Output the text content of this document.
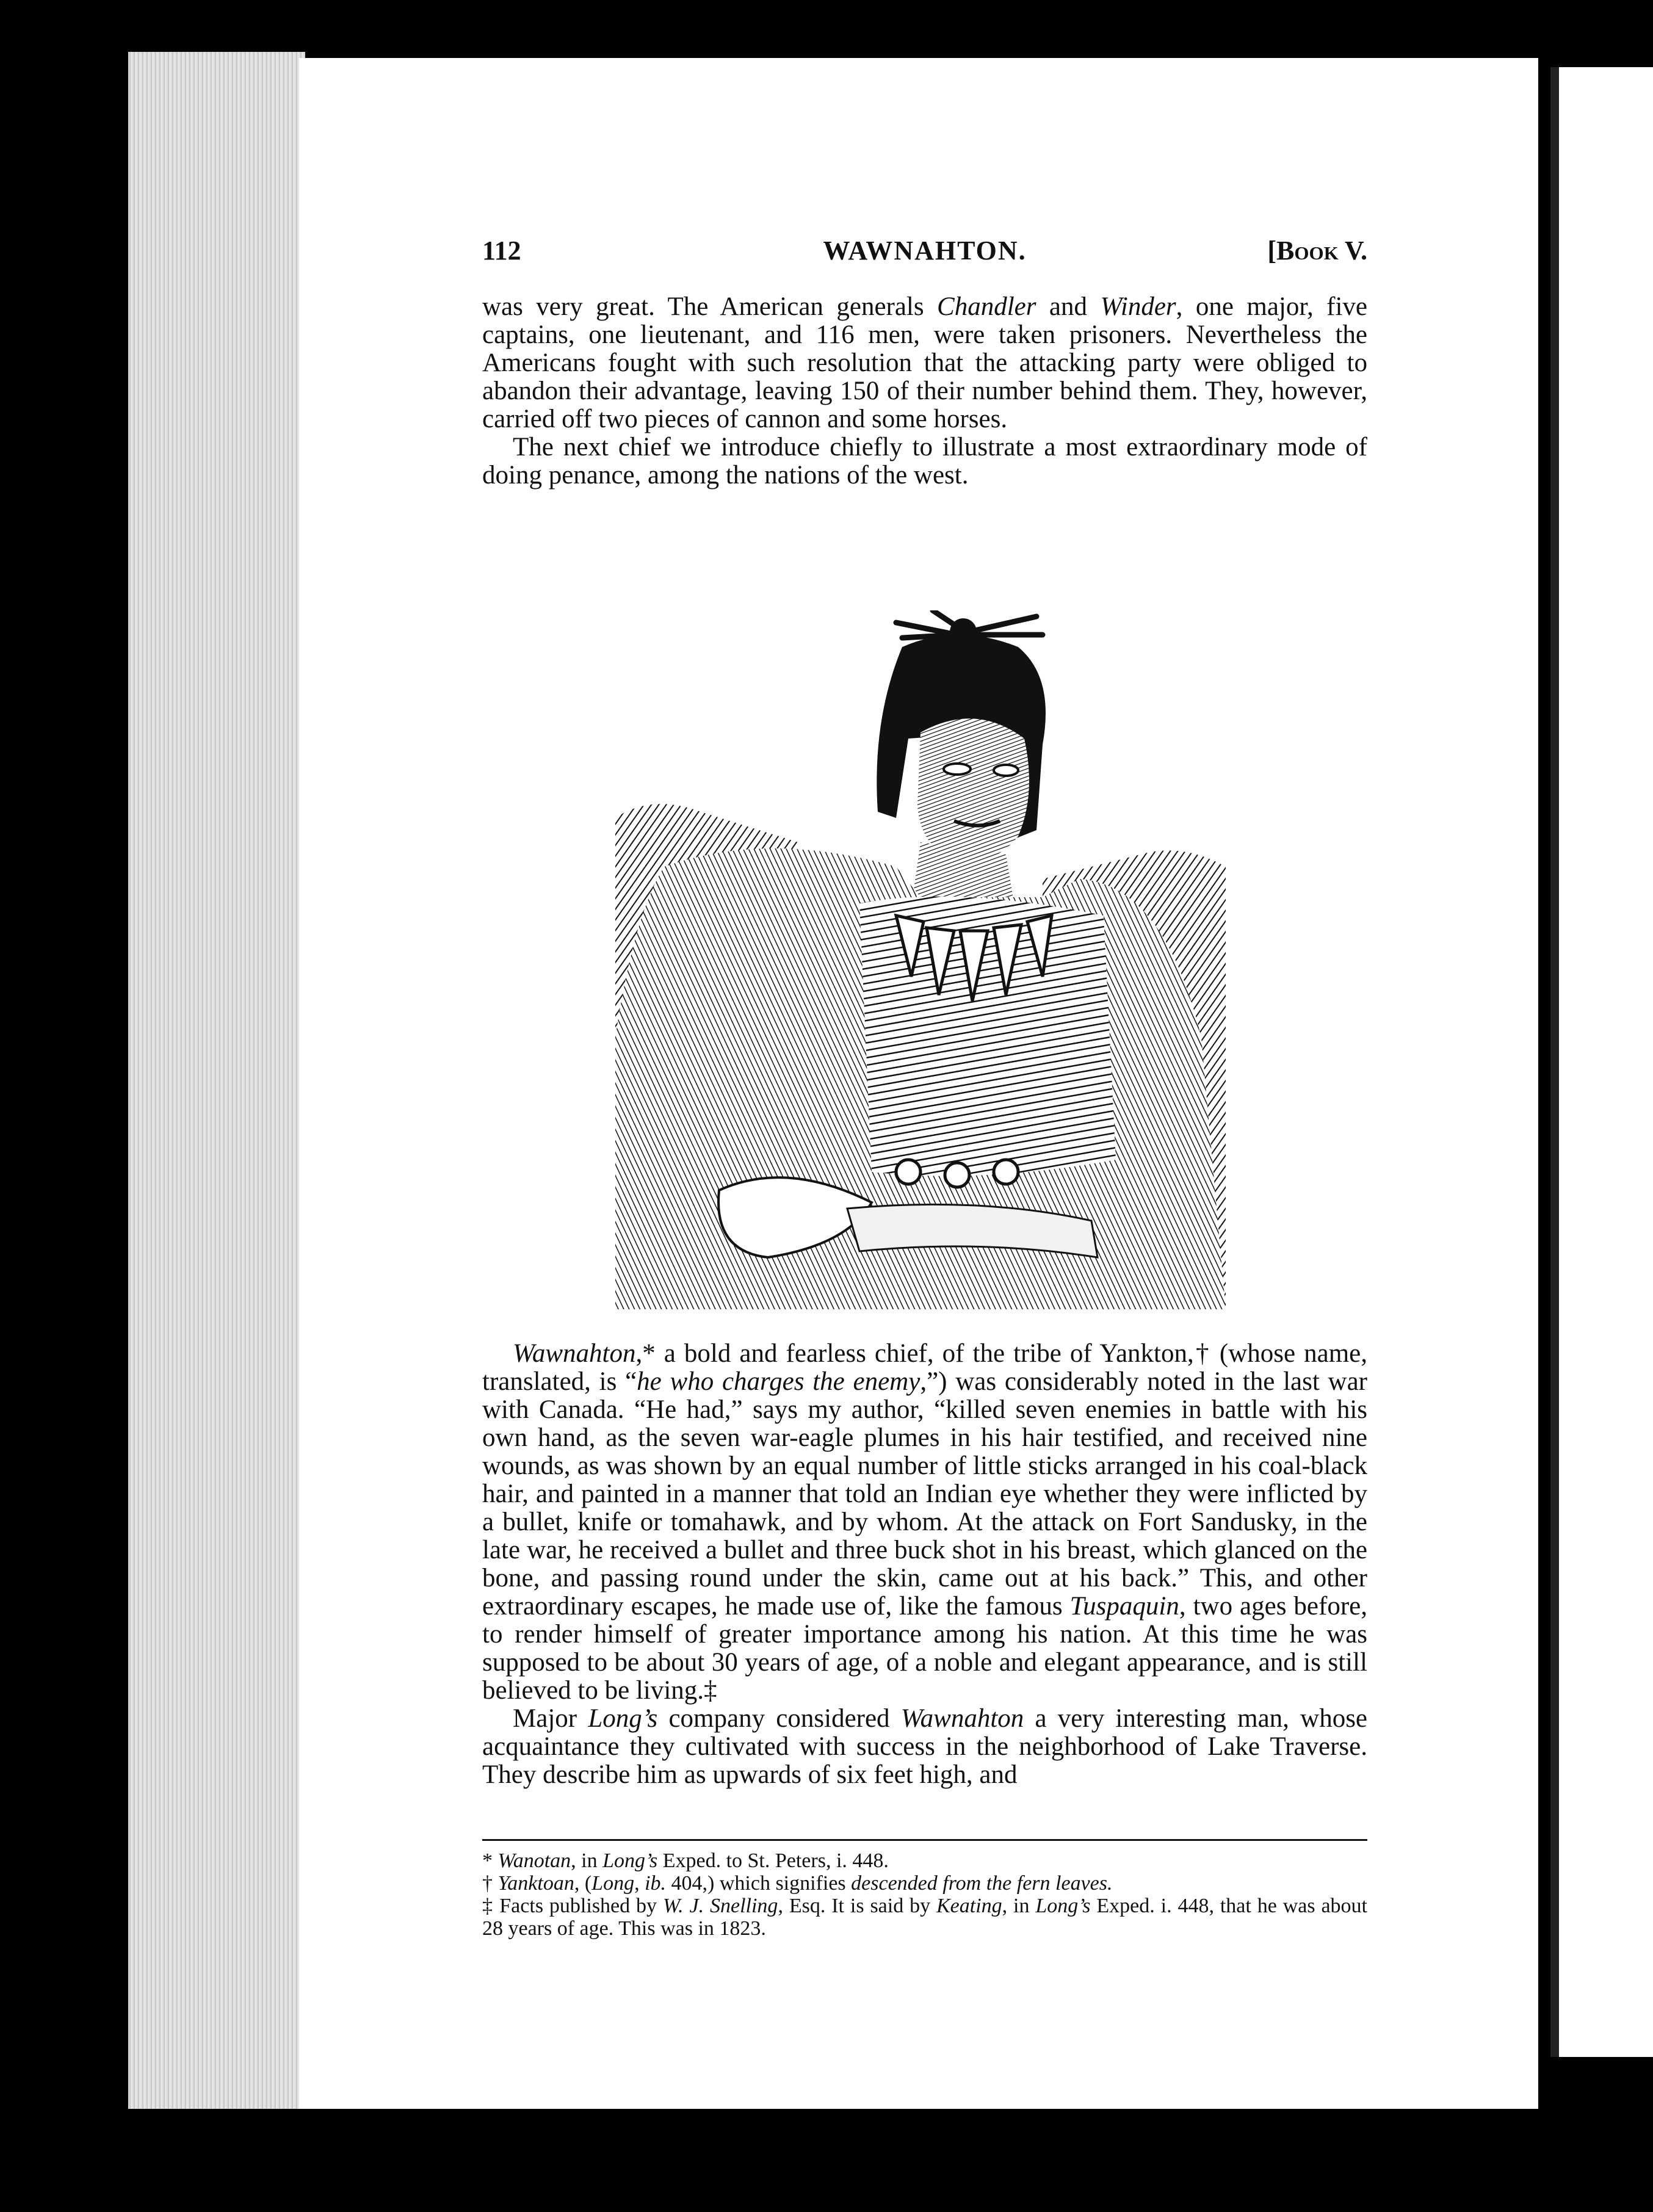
112	WAWNAHTON.	[Book V.

was very great. The American generals Chandler and Winder, one major, five captains, one lieutenant, and 116 men, were taken prisoners. Nevertheless the Americans fought with such resolution that the attacking party were obliged to abandon their advantage, leaving 150 of their number behind them. They, however, carried off two pieces of cannon and some horses.

The next chief we introduce chiefly to illustrate a most extraordinary mode of doing penance, among the nations of the west.

Wawnahton,* a bold and fearless chief, of the tribe of Yankton,† (whose name, translated, is “he who charges the enemy,”) was considerably noted in the last war with Canada. “He had,” says my author, “killed seven enemies in battle with his own hand, as the seven war-eagle plumes in his hair testified, and received nine wounds, as was shown by an equal number of little sticks arranged in his coal-black hair, and painted in a manner that told an Indian eye whether they were inflicted by a bullet, knife or tomahawk, and by whom. At the attack on Fort Sandusky, in the late war, he received a bullet and three buck shot in his breast, which glanced on the bone, and passing round under the skin, came out at his back.” This, and other extraordinary escapes, he made use of, like the famous Tuspaquin, two ages before, to render himself of greater importance among his nation. At this time he was supposed to be about 30 years of age, of a noble and elegant appearance, and is still believed to be living.‡

Major Long’s company considered Wawnahton a very interesting man, whose acquaintance they cultivated with success in the neighborhood of Lake Traverse. They describe him as upwards of six feet high, and

* Wanotan, in Long’s Exped. to St. Peters, i. 448.

† Yanktoan, (Long, ib. 404,) which signifies descended from the fern leaves.

‡ Facts published by W. J. Snelling, Esq. It is said by Keating, in Long’s Exped. i. 448, that he was about 28 years of age. This was in 1823.
